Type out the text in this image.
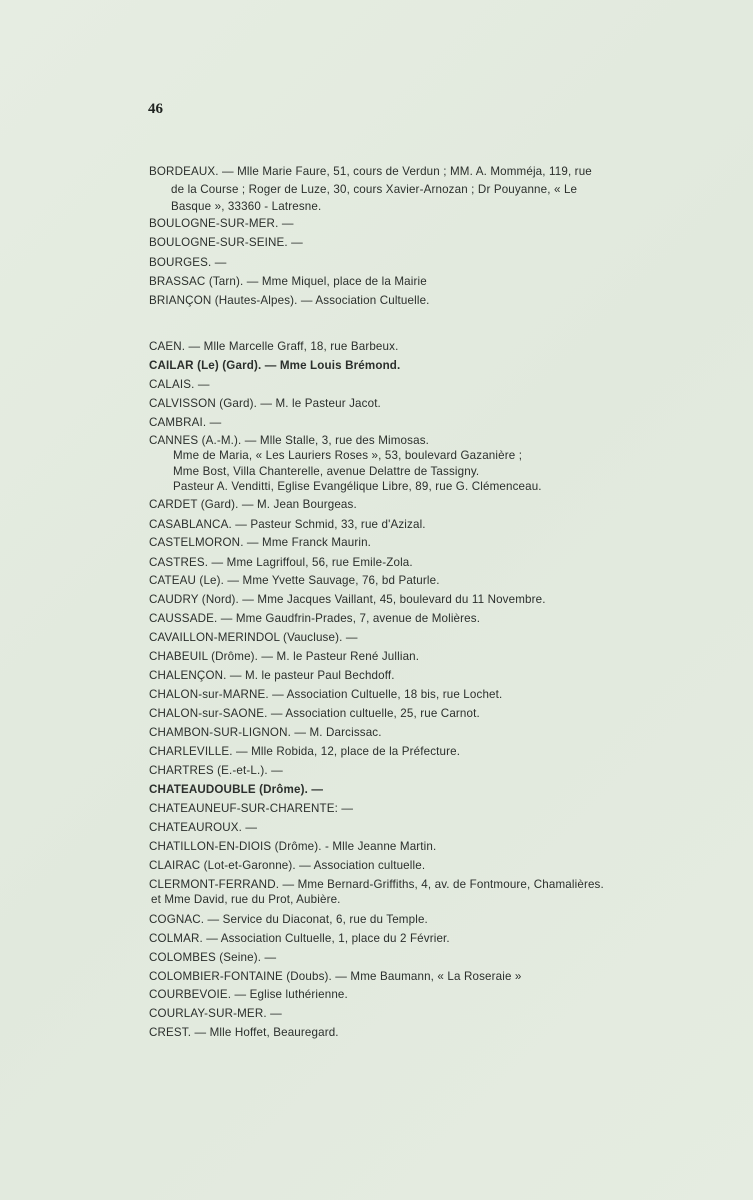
46
BORDEAUX. — Mlle Marie Faure, 51, cours de Verdun ; MM. A. Momméja, 119, rue
de la Course ; Roger de Luze, 30, cours Xavier-Arnozan ; Dr Pouyanne, « Le
Basque », 33360 - Latresne.
BOULOGNE-SUR-MER. —
BOULOGNE-SUR-SEINE. —
BOURGES. —
BRASSAC (Tarn). — Mme Miquel, place de la Mairie
BRIANÇON (Hautes-Alpes). — Association Cultuelle.
CAEN. — Mlle Marcelle Graff, 18, rue Barbeux.
CAILAR (Le) (Gard). — Mme Louis Brémond.
CALAIS. —
CALVISSON (Gard). — M. le Pasteur Jacot.
CAMBRAI. —
CANNES (A.-M.). — Mlle Stalle, 3, rue des Mimosas.
Mme de Maria, « Les Lauriers Roses », 53, boulevard Gazanière ;
Mme Bost, Villa Chanterelle, avenue Delattre de Tassigny.
Pasteur A. Venditti, Eglise Evangélique Libre, 89, rue G. Clémenceau.
CARDET (Gard). — M. Jean Bourgeas.
CASABLANCA. — Pasteur Schmid, 33, rue d'Azizal.
CASTELMORON. — Mme Franck Maurin.
CASTRES. — Mme Lagriffoul, 56, rue Emile-Zola.
CATEAU (Le). — Mme Yvette Sauvage, 76, bd Paturle.
CAUDRY (Nord). — Mme Jacques Vaillant, 45, boulevard du 11 Novembre.
CAUSSADE. — Mme Gaudfrin-Prades, 7, avenue de Molières.
CAVAILLON-MERINDOL (Vaucluse). —
CHABEUIL (Drôme). — M. le Pasteur René Jullian.
CHALENÇON. — M. le pasteur Paul Bechdoff.
CHALON-sur-MARNE. — Association Cultuelle, 18 bis, rue Lochet.
CHALON-sur-SAONE. — Association cultuelle, 25, rue Carnot.
CHAMBON-SUR-LIGNON. — M. Darcissac.
CHARLEVILLE. — Mlle Robida, 12, place de la Préfecture.
CHARTRES (E.-et-L.). —
CHATEAUDOUBLE (Drôme). —
CHATEAUNEUF-SUR-CHARENTE: —
CHATEAUROUX. —
CHATILLON-EN-DIOIS (Drôme). - Mlle Jeanne Martin.
CLAIRAC (Lot-et-Garonne). — Association cultuelle.
CLERMONT-FERRAND. — Mme Bernard-Griffiths, 4, av. de Fontmoure, Chamalières.
et Mme David, rue du Prot, Aubière.
COGNAC. — Service du Diaconat, 6, rue du Temple.
COLMAR. — Association Cultuelle, 1, place du 2 Février.
COLOMBES (Seine). —
COLOMBIER-FONTAINE (Doubs). — Mme Baumann, « La Roseraie »
COURBEVOIE. — Eglise luthérienne.
COURLAY-SUR-MER. —
CREST. — Mlle Hoffet, Beauregard.
